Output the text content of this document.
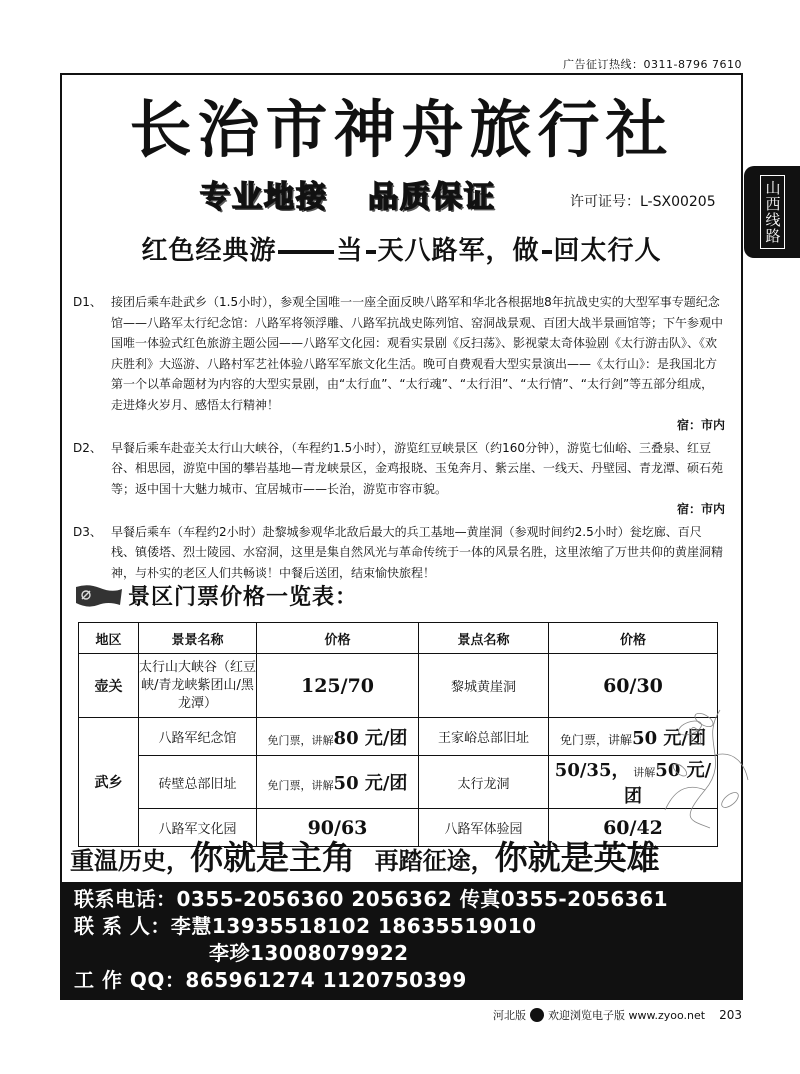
广告征订热线：0311-8796 7610
山西线路
长治市神舟旅行社
专业地接 品质保证	许可证号：L-SX00205
红色经典游 当 天八路军，做 回太行人
D1、 接团后乘车赴武乡（1.5小时），参观全国唯一一座全面反映八路军和华北各根据地8年抗战史实的大型军事专题纪念馆——八路军太行纪念馆：八路军将领浮雕、八路军抗战史陈列馆、窑洞战景观、百团大战半景画馆等；下午参观中国唯一体验式红色旅游主题公园——八路军文化园：观看实景剧《反扫荡》、影视蒙太奇体验剧《太行游击队》、《欢庆胜利》大巡游、八路村军艺社体验八路军军旅文化生活。晚可自费观看大型实景演出——《太行山》：是我国北方第一个以革命题材为内容的大型实景剧，由“太行血”、“太行魂”、“太行泪”、“太行情”、“太行剑”等五部分组成，走进烽火岁月、感悟太行精神！
宿：市内
D2、 早餐后乘车赴壶关太行山大峡谷，（车程约1.5小时），游览红豆峡景区（约160分钟），游览七仙峪、三叠泉、红豆谷、相思园，游览中国的攀岩基地—青龙峡景区，金鸡报晓、玉兔奔月、紫云崖、一线天、丹壁园、青龙潭、硕石苑等；返中国十大魅力城市、宜居城市——长治，游览市容市貌。
宿：市内
D3、 早餐后乘车（车程约2小时）赴黎城参观华北敌后最大的兵工基地—黄崖洞（参观时间约2.5小时）瓮圪廊、百尺栈、镇倭塔、烈士陵园、水窑洞，这里是集自然风光与革命传统于一体的风景名胜，这里浓缩了万世共仰的黄崖洞精神，与朴实的老区人们共畅谈！中餐后送团，结束愉快旅程！
景区门票价格一览表：
地区	景景名称	价格	景点名称	价格
壶关	太行山大峡谷（红豆峡/青龙峡紫团山/黑龙潭）	125/70	黎城黄崖洞	60/30
武乡	八路军纪念馆	免门票，讲解80 元/团	王家峪总部旧址	免门票，讲解50 元/团
	砖壁总部旧址	免门票，讲解50 元/团	太行龙洞	50/35， 讲解50 元/团
	八路军文化园	90/63	八路军体验园	60/42
重温历史，你就是主角 再踏征途，你就是英雄
联系电话：0355-2056360 2056362 传真0355-2056361
联 系 人：李慧13935518102 18635519010
李珍13008079922
工 作 QQ：865961274 1120750399
河北版 欢迎浏览电子版 www.zyoo.net 203
